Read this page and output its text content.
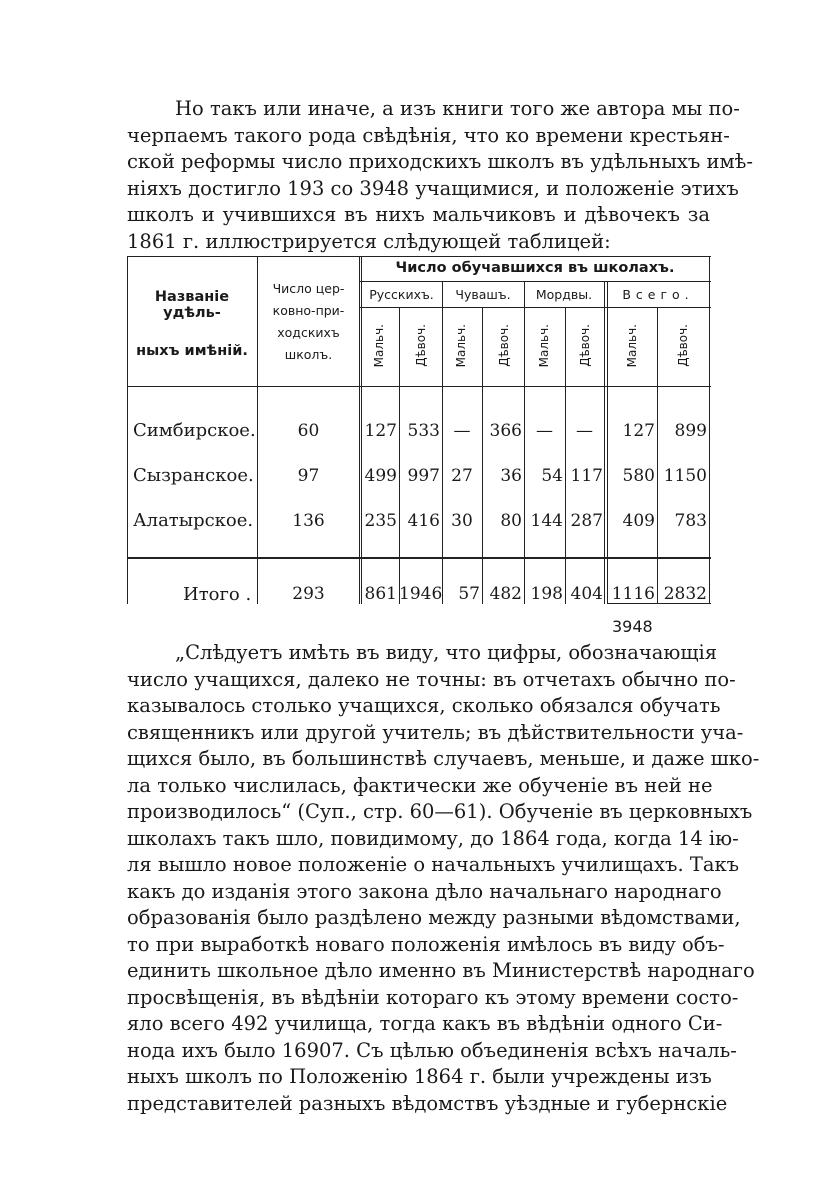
Но такъ или иначе, а изъ книги того же автора мы по-
черпаемъ такого рода свѣдѣнія, что ко времени крестьян-
ской реформы число приходскихъ школъ въ удѣльныхъ имѣ-
ніяхъ достигло 193 со 3948 учащимися, и положеніе этихъ
школъ и учившихся въ нихъ мальчиковъ и дѣвочекъ за
1861 г. иллюстрируется слѣдующей таблицей:
Названіе удѣль-
ныхъ имѣній.
Число цер-
ковно-при-
ходскихъ
школъ.
Число обучавшихся въ школахъ.
Русскихъ.	Чувашъ.	Мордвы.	Всего.
Мальч. Дѣвоч. Мальч. Дѣвоч. Мальч. Дѣвоч.	Мальч.	Дѣвоч.
Симбирское.	60	127 533 —	366 —	—	127	899
Сызранское.	97	499 997 27	36	54 117	580 1150
Алатырское.	136	235 416 30	80 144 287	409	783
Итого .	293	861 1946 57 482 198 404 1116 2832
3948
„Слѣдуетъ имѣть въ виду, что цифры, обозначающія
число учащихся, далеко не точны: въ отчетахъ обычно по-
казывалось столько учащихся, сколько обязался обучать
священникъ или другой учитель; въ дѣйствительности уча-
щихся было, въ большинствѣ случаевъ, меньше, и даже шко-
ла только числилась, фактически же обученіе въ ней не
производилось“ (Суп., стр. 60—61). Обученіе въ церковныхъ
школахъ такъ шло, повидимому, до 1864 года, когда 14 ію-
ля вышло новое положеніе о начальныхъ училищахъ. Такъ
какъ до изданія этого закона дѣло начальнаго народнаго
образованія было раздѣлено между разными вѣдомствами,
то при выработкѣ новаго положенія имѣлось въ виду объ-
единить школьное дѣло именно въ Министерствѣ народнаго
просвѣщенія, въ вѣдѣніи котораго къ этому времени состо-
яло всего 492 училища, тогда какъ въ вѣдѣніи одного Си-
нода ихъ было 16907. Съ цѣлью объединенія всѣхъ началь-
ныхъ школъ по Положенію 1864 г. были учреждены изъ
представителей разныхъ вѣдомствъ уѣздные и губернскіе
